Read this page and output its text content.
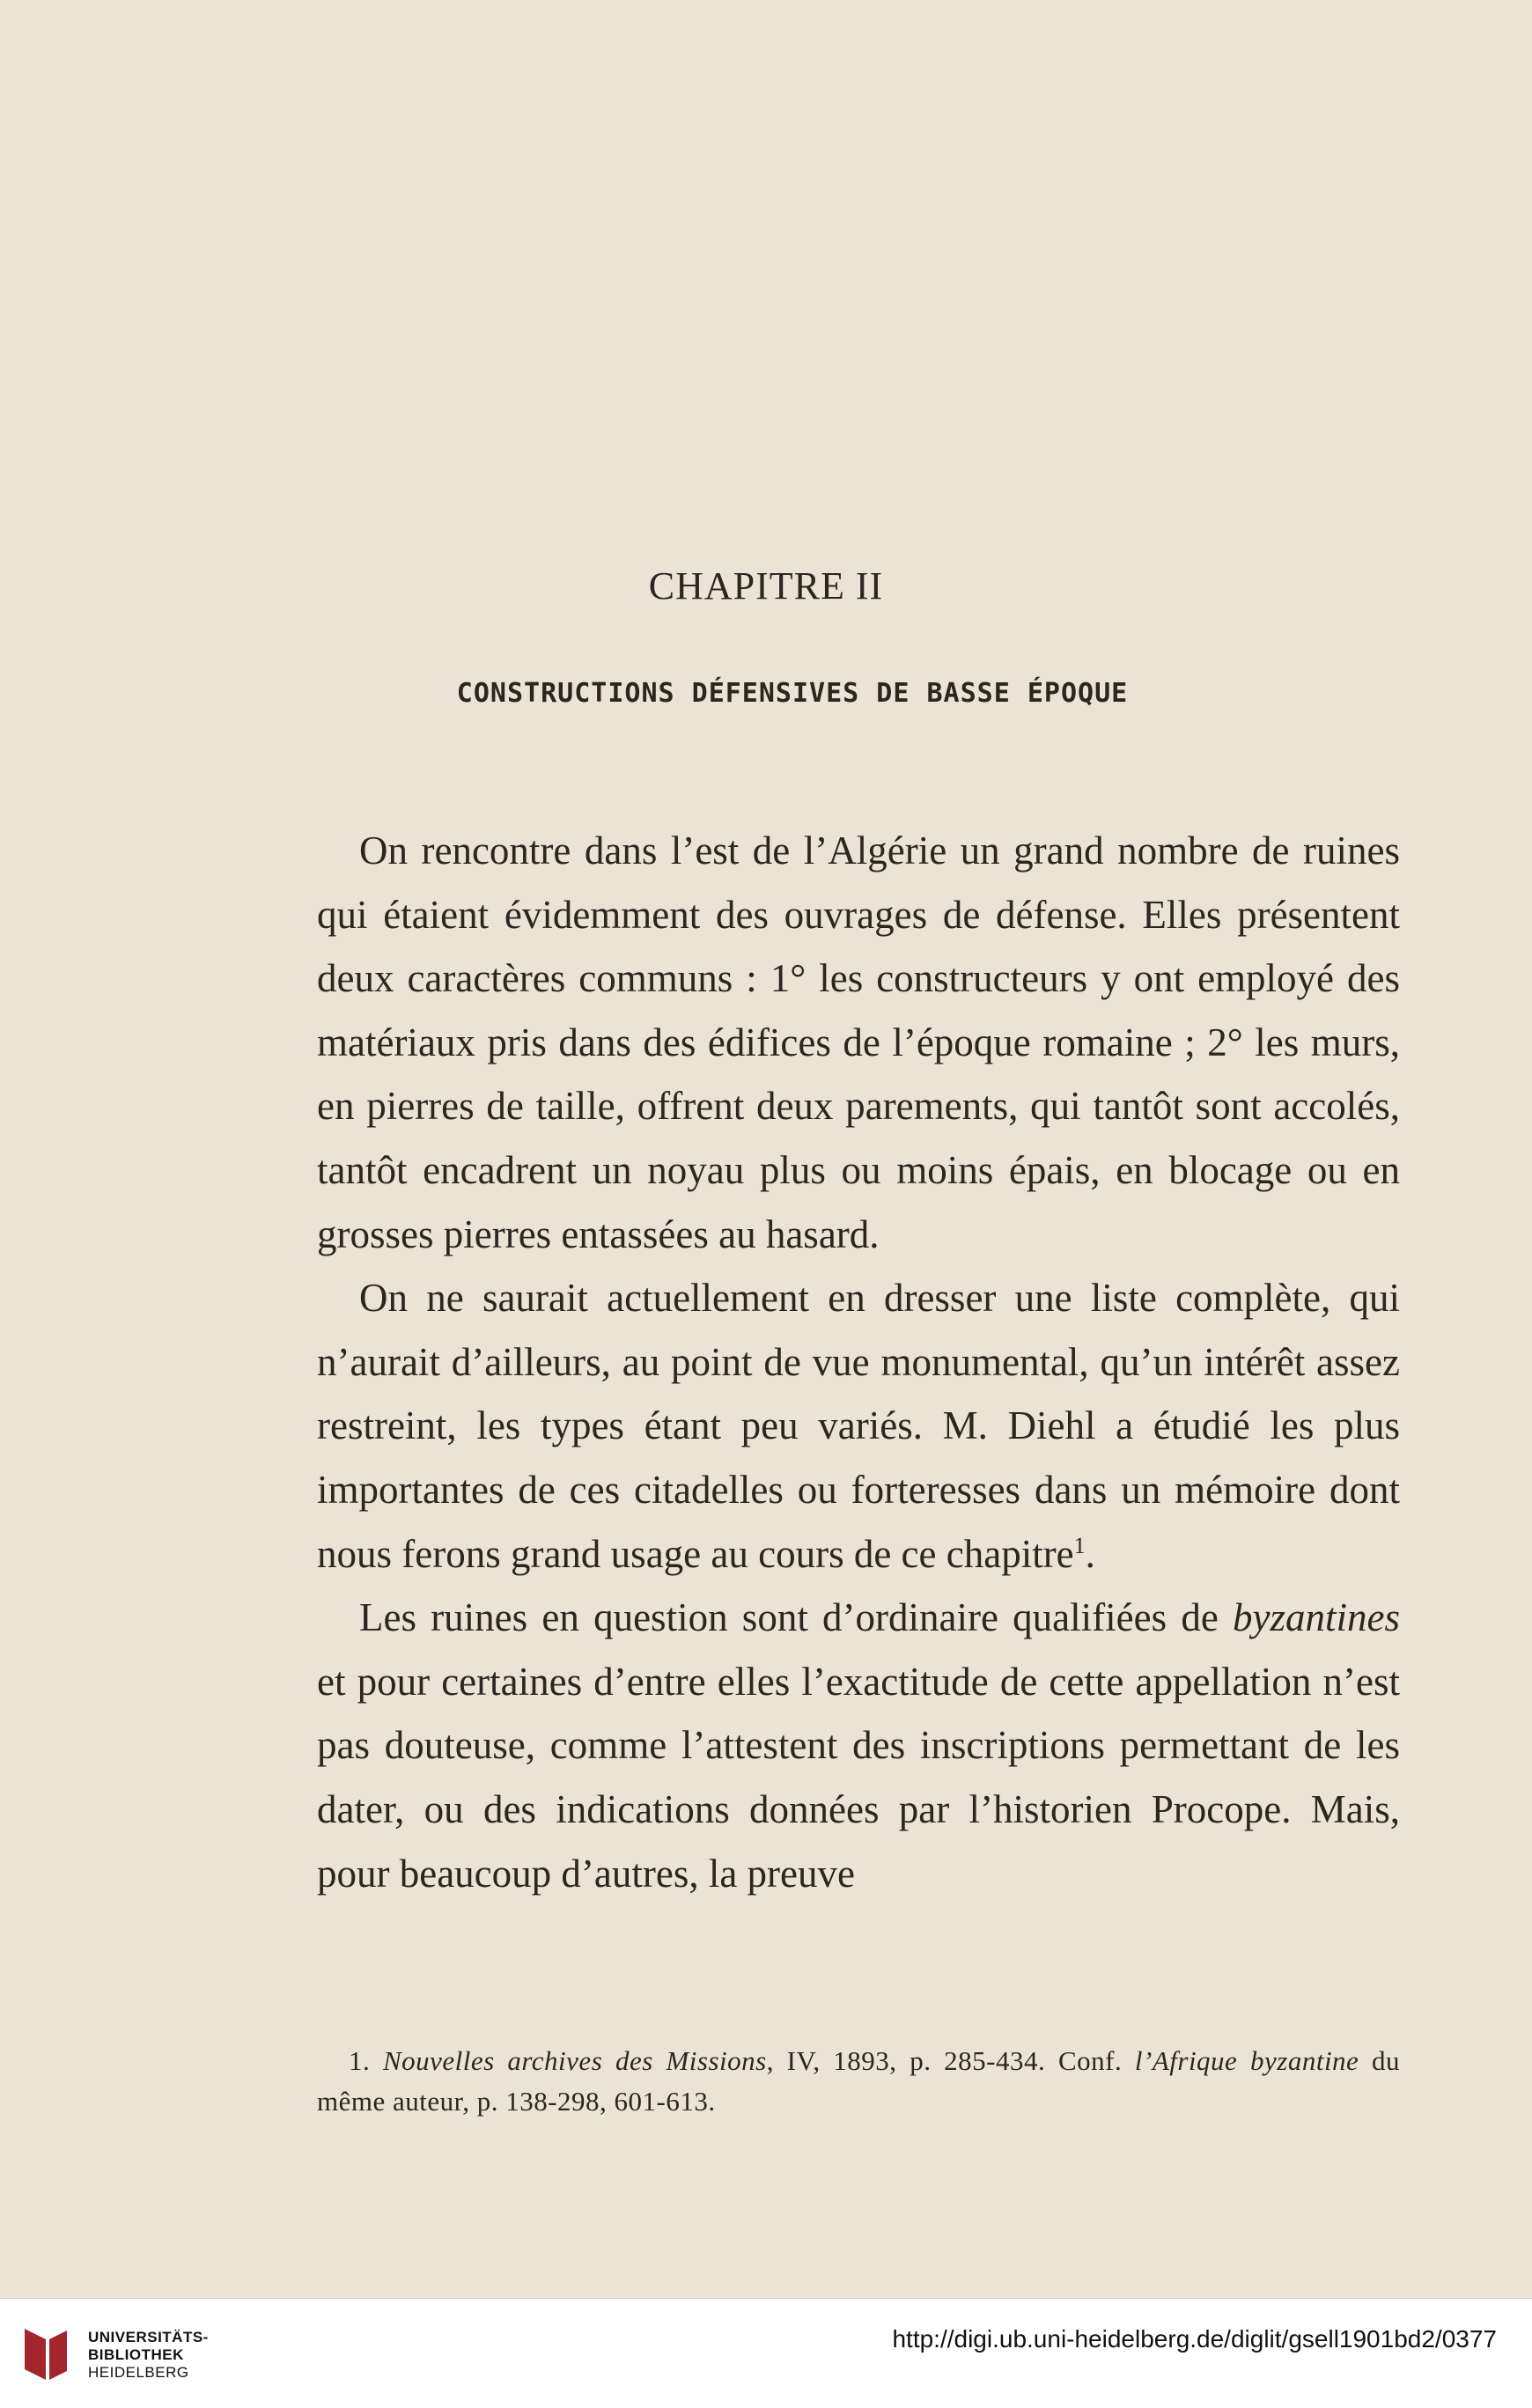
CHAPITRE II
CONSTRUCTIONS DÉFENSIVES DE BASSE ÉPOQUE

On rencontre dans l’est de l’Algérie un grand nombre de ruines qui étaient évidemment des ouvrages de défense. Elles présentent deux caractères communs : 1° les constructeurs y ont employé des matériaux pris dans des édifices de l’époque romaine ; 2° les murs, en pierres de taille, offrent deux parements, qui tantôt sont accolés, tantôt encadrent un noyau plus ou moins épais, en blocage ou en grosses pierres entassées au hasard.

On ne saurait actuellement en dresser une liste complète, qui n’aurait d’ailleurs, au point de vue monumental, qu’un intérêt assez restreint, les types étant peu variés. M. Diehl a étudié les plus importantes de ces citadelles ou forteresses dans un mémoire dont nous ferons grand usage au cours de ce chapitre$^1$.

Les ruines en question sont d’ordinaire qualifiées de byzantines et pour certaines d’entre elles l’exactitude de cette appellation n’est pas douteuse, comme l’attestent des inscriptions permettant de les dater, ou des indications données par l’historien Procope. Mais, pour beaucoup d’autres, la preuve

1. Nouvelles archives des Missions, IV, 1893, p. 285-434. Conf. l’Afrique byzantine du même auteur, p. 138-298, 601-613.
UNIVERSITÄTS-
BIBLIOTHEK
HEIDELBERG
http://digi.ub.uni-heidelberg.de/diglit/gsell1901bd2/0377
